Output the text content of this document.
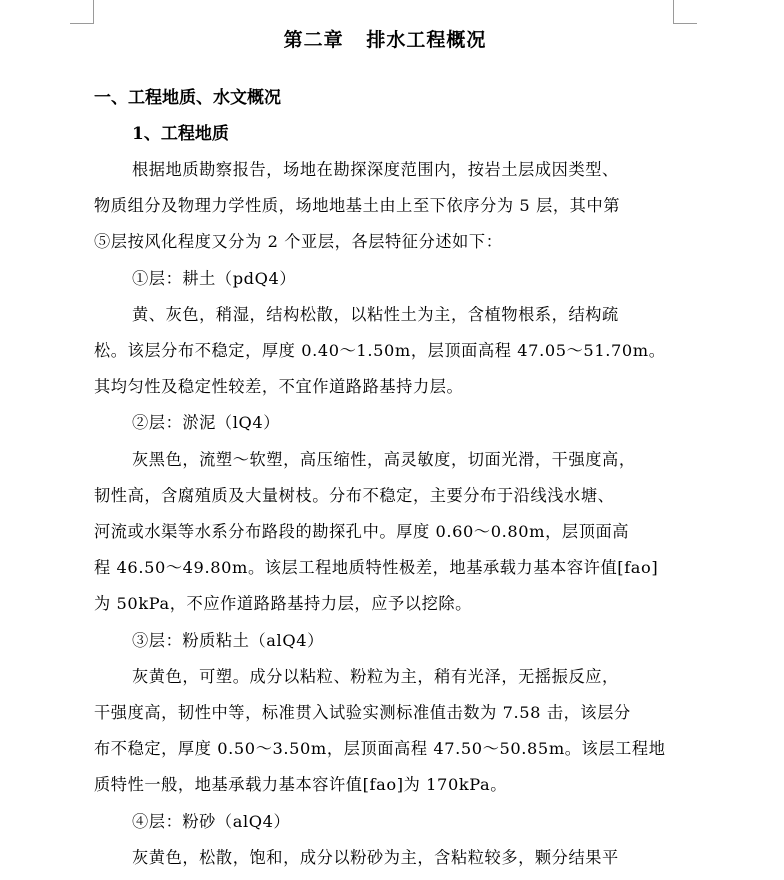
第二章   排水工程概况
一、工程地质、水文概况
1、工程地质
根据地质勘察报告，场地在勘探深度范围内，按岩土层成因类型、
物质组分及物理力学性质，场地地基土由上至下依序分为 5 层，其中第
⑤层按风化程度又分为 2 个亚层，各层特征分述如下：
①层：耕土（pdQ4）
黄、灰色，稍湿，结构松散，以粘性土为主，含植物根系，结构疏
松。该层分布不稳定，厚度 0.40～1.50m，层顶面高程 47.05～51.70m。
其均匀性及稳定性较差，不宜作道路路基持力层。
②层：淤泥（lQ4）
灰黑色，流塑～软塑，高压缩性，高灵敏度，切面光滑，干强度高，
韧性高，含腐殖质及大量树枝。分布不稳定，主要分布于沿线浅水塘、
河流或水渠等水系分布路段的勘探孔中。厚度 0.60～0.80m，层顶面高
程 46.50～49.80m。该层工程地质特性极差，地基承载力基本容许值[fao]
为 50kPa，不应作道路路基持力层，应予以挖除。
③层：粉质粘土（alQ4）
灰黄色，可塑。成分以粘粒、粉粒为主，稍有光泽，无摇振反应，
干强度高，韧性中等，标准贯入试验实测标准值击数为 7.58 击，该层分
布不稳定，厚度 0.50～3.50m，层顶面高程 47.50～50.85m。该层工程地
质特性一般，地基承载力基本容许值[fao]为 170kPa。
④层：粉砂（alQ4）
灰黄色，松散，饱和，成分以粉砂为主，含粘粒较多，颗分结果平
